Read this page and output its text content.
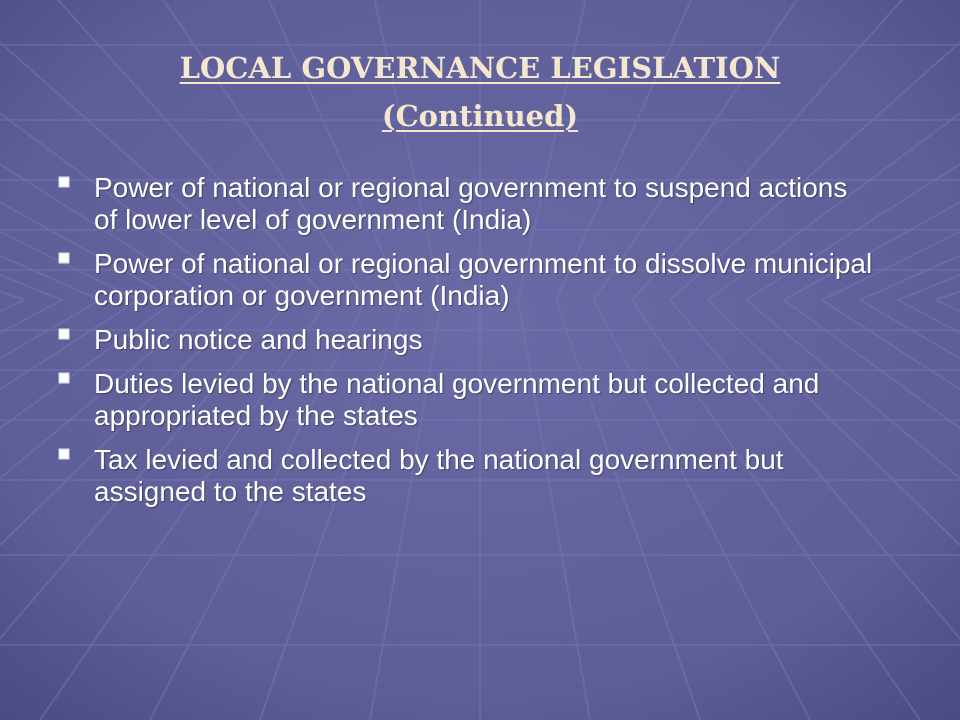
LOCAL GOVERNANCE LEGISLATION
(Continued)
Power of national or regional government to suspend actions of lower level of government (India)
Power of national or regional government to dissolve municipal corporation or government (India)
Public notice and hearings
Duties levied by the national government but collected and appropriated by the states
Tax levied and collected by the national government but assigned to the states
